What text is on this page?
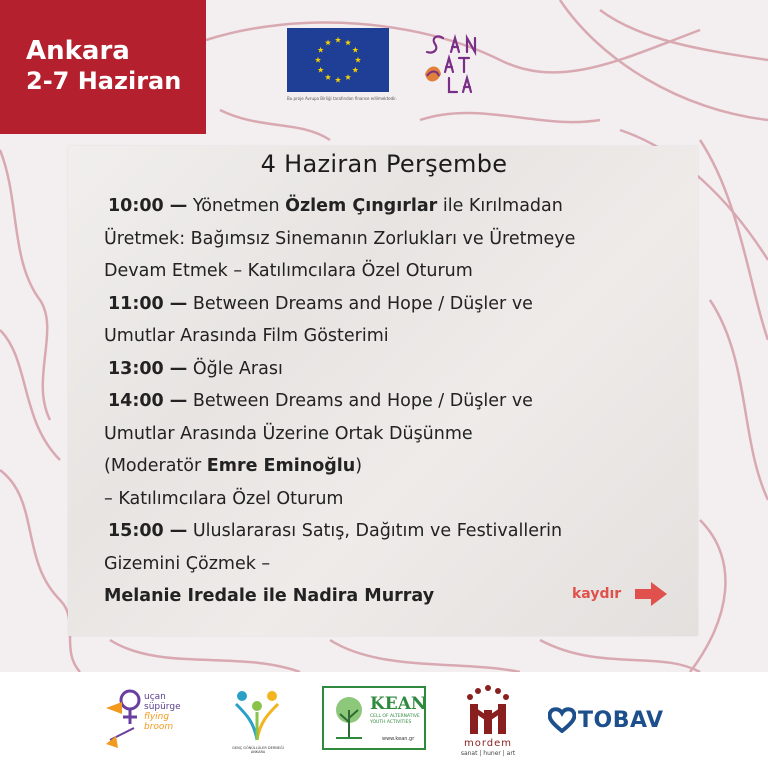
Ankara
2-7 Haziran
Bu proje Avrupa Birliği tarafından finanse edilmektedir.
4 Haziran Perşembe

10:00 — Yönetmen Özlem Çıngırlar ile Kırılmadan

Üretmek: Bağımsız Sinemanın Zorlukları ve Üretmeye

Devam Etmek – Katılımcılara Özel Oturum

11:00 — Between Dreams and Hope / Düşler ve

Umutlar Arasında Film Gösterimi

13:00 — Öğle Arası

14:00 — Between Dreams and Hope / Düşler ve

Umutlar Arasında Üzerine Ortak Düşünme

(Moderatör Emre Eminoğlu)

– Katılımcılara Özel Oturum

15:00 — Uluslararası Satış, Dağıtım ve Festivallerin

Gizemini Çözmek –

Melanie Iredale ile Nadira Murray	kaydır
uçan
süpürge
flying
broom
GENÇ GÖNÜLLÜLER DERNEĞİ ANKARA
KEAN
CELL OF ALTERNATIVE YOUTH ACTIVITIES
www.kean.gr	mordem
sanat | huner | art
TOBAV
